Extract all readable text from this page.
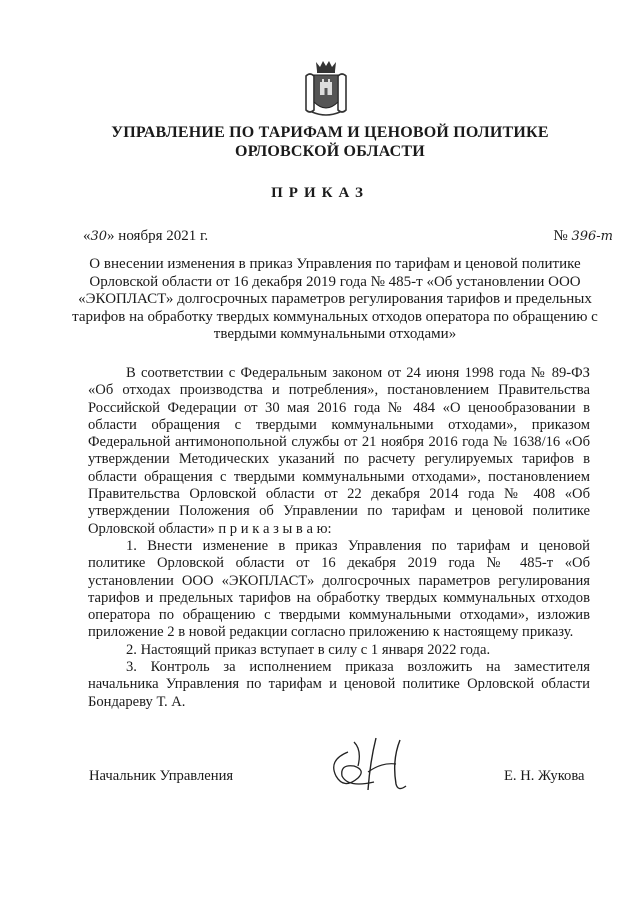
УПРАВЛЕНИЕ ПО ТАРИФАМ И ЦЕНОВОЙ ПОЛИТИКЕ
ОРЛОВСКОЙ ОБЛАСТИ
ПРИКАЗ
«30» ноября 2021 г.	№ 396-т
О внесении изменения в приказ Управления по тарифам и ценовой политике Орловской области от 16 декабря 2019 года № 485-т «Об установлении ООО «ЭКОПЛАСТ» долгосрочных параметров регулирования тарифов и предельных тарифов на обработку твердых коммунальных отходов оператора по обращению с твердыми коммунальными отходами»

В соответствии с Федеральным законом от 24 июня 1998 года № 89-ФЗ «Об отходах производства и потребления», постановлением Правительства Российской Федерации от 30 мая 2016 года № 484 «О ценообразовании в области обращения с твердыми коммунальными отходами», приказом Федеральной антимонопольной службы от 21 ноября 2016 года № 1638/16 «Об утверждении Методических указаний по расчету регулируемых тарифов в области обращения с твердыми коммунальными отходами», постановлением Правительства Орловской области от 22 декабря 2014 года № 408 «Об утверждении Положения об Управлении по тарифам и ценовой политике Орловской области» п р и к а з ы в а ю:

1. Внести изменение в приказ Управления по тарифам и ценовой политике Орловской области от 16 декабря 2019 года № 485-т «Об установлении ООО «ЭКОПЛАСТ» долгосрочных параметров регулирования тарифов и предельных тарифов на обработку твердых коммунальных отходов оператора по обращению с твердыми коммунальными отходами», изложив приложение 2 в новой редакции согласно приложению к настоящему приказу.

2. Настоящий приказ вступает в силу с 1 января 2022 года.

3. Контроль за исполнением приказа возложить на заместителя начальника Управления по тарифам и ценовой политике Орловской области Бондареву Т. А.

Начальник Управления	Е. Н. Жукова
